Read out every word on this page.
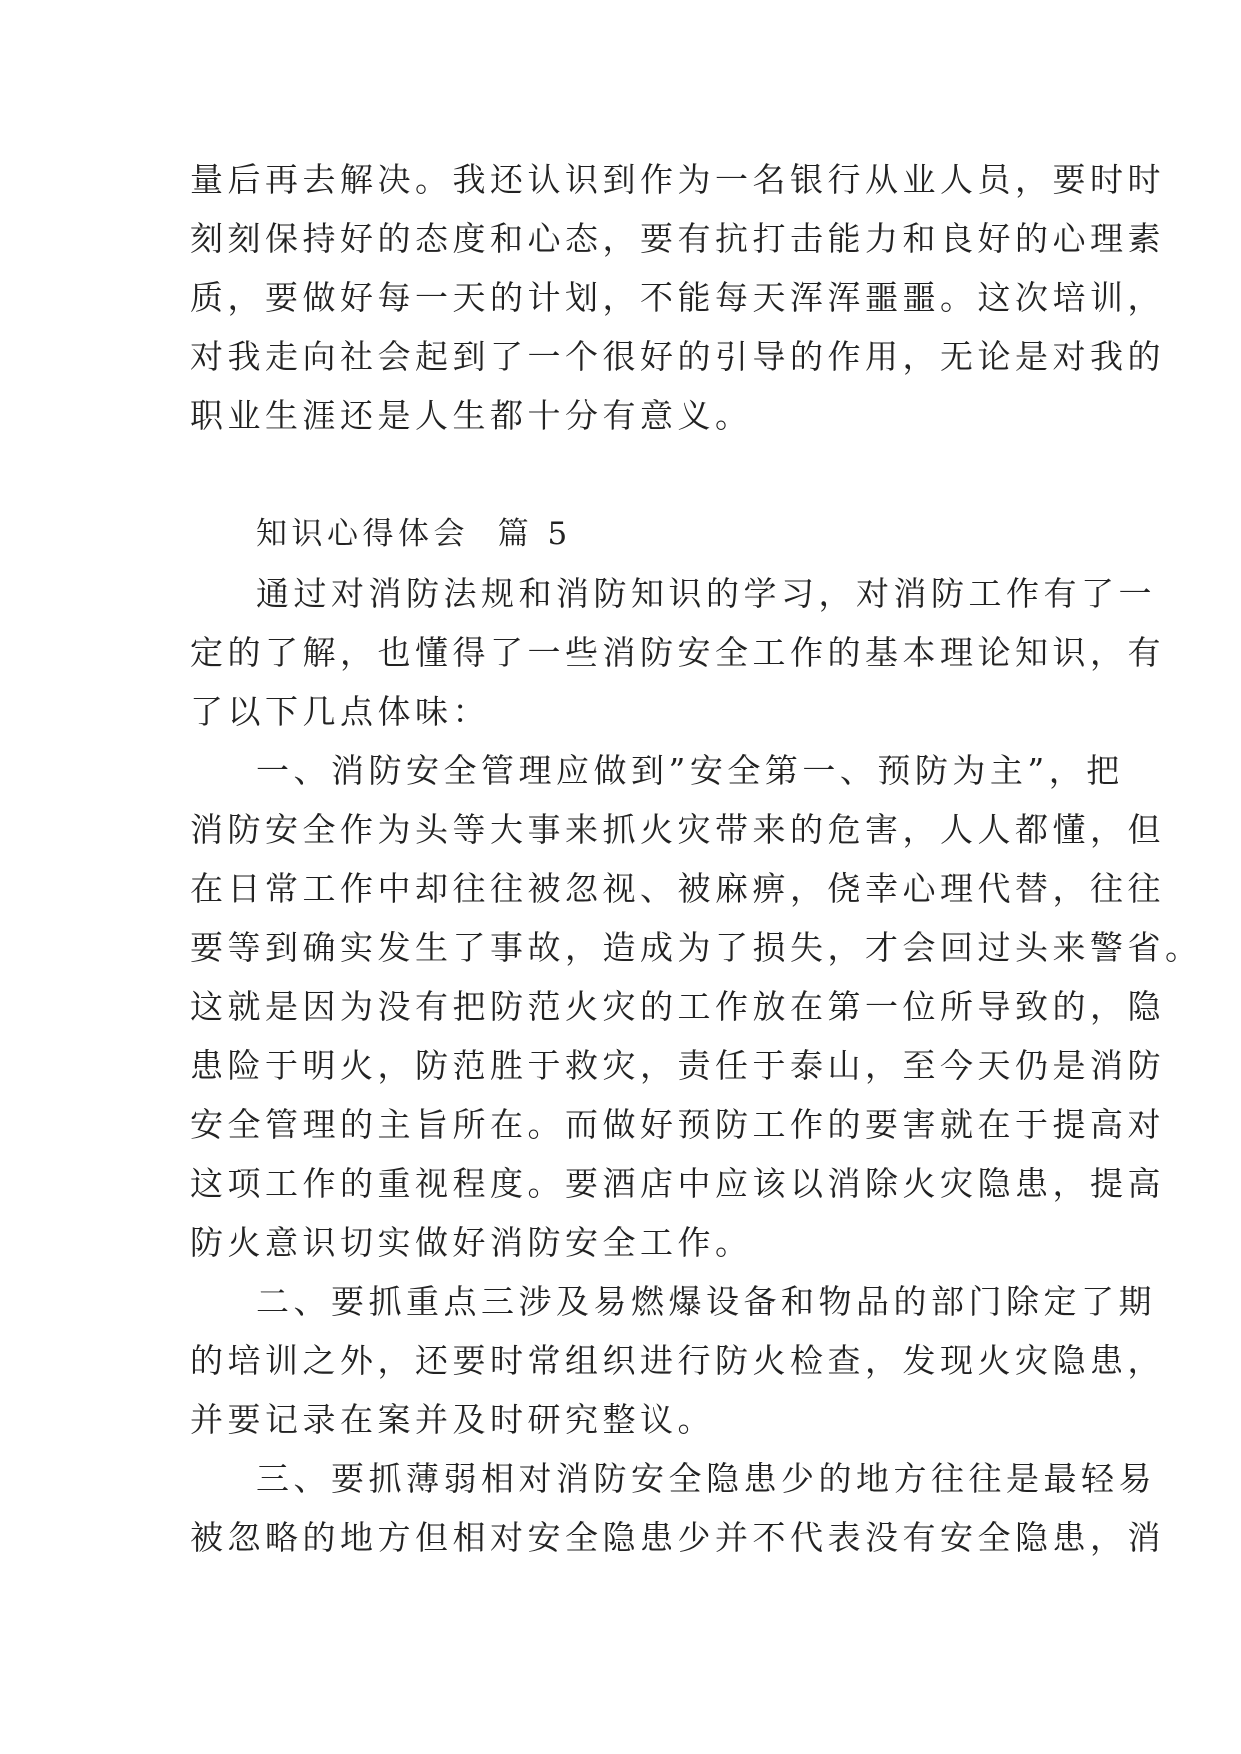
量后再去解决。我还认识到作为一名银行从业人员，要时时
刻刻保持好的态度和心态，要有抗打击能力和良好的心理素
质，要做好每一天的计划，不能每天浑浑噩噩。这次培训，
对我走向社会起到了一个很好的引导的作用，无论是对我的
职业生涯还是人生都十分有意义。
知识心得体会  篇 5
通过对消防法规和消防知识的学习，对消防工作有了一
定的了解，也懂得了一些消防安全工作的基本理论知识，有
了以下几点体味：
一、消防安全管理应做到”安全第一、预防为主”，把
消防安全作为头等大事来抓火灾带来的危害，人人都懂，但
在日常工作中却往往被忽视、被麻痹，侥幸心理代替，往往
要等到确实发生了事故，造成为了损失，才会回过头来警省。
这就是因为没有把防范火灾的工作放在第一位所导致的，隐
患险于明火，防范胜于救灾，责任于泰山，至今天仍是消防
安全管理的主旨所在。而做好预防工作的要害就在于提高对
这项工作的重视程度。要酒店中应该以消除火灾隐患，提高
防火意识切实做好消防安全工作。
二、要抓重点三涉及易燃爆设备和物品的部门除定了期
的培训之外，还要时常组织进行防火检查，发现火灾隐患，
并要记录在案并及时研究整议。
三、要抓薄弱相对消防安全隐患少的地方往往是最轻易
被忽略的地方但相对安全隐患少并不代表没有安全隐患，消
